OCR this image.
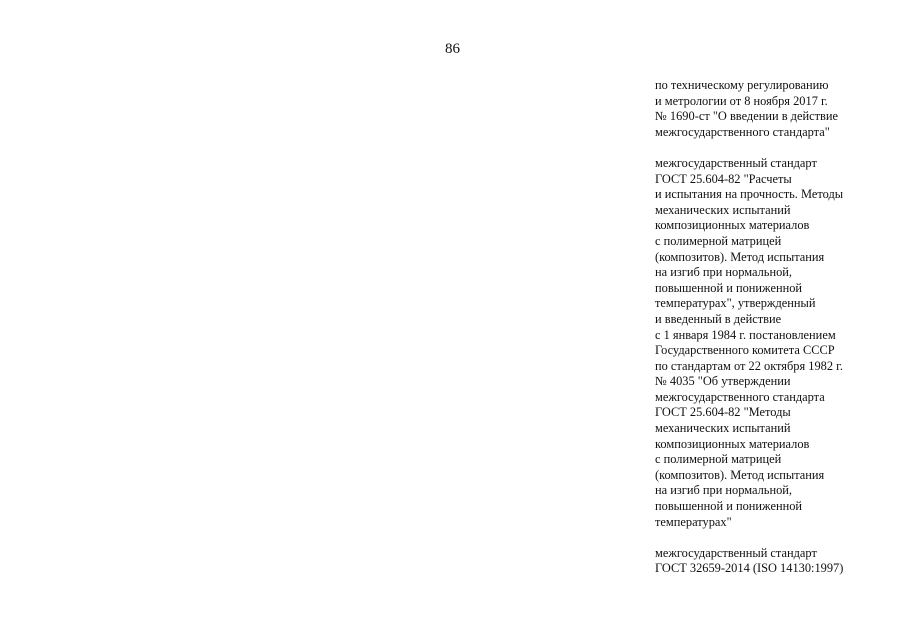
86

по техническому регулированию
и метрологии от 8 ноября 2017 г.
№ 1690-ст "О введении в действие
межгосударственного стандарта"

межгосударственный стандарт
ГОСТ 25.604-82 "Расчеты
и испытания на прочность. Методы
механических испытаний
композиционных материалов
с полимерной матрицей
(композитов). Метод испытания
на изгиб при нормальной,
повышенной и пониженной
температурах", утвержденный
и введенный в действие
с 1 января 1984 г. постановлением
Государственного комитета СССР
по стандартам от 22 октября 1982 г.
№ 4035 "Об утверждении
межгосударственного стандарта
ГОСТ 25.604-82 "Методы
механических испытаний
композиционных материалов
с полимерной матрицей
(композитов). Метод испытания
на изгиб при нормальной,
повышенной и пониженной
температурах"

межгосударственный стандарт
ГОСТ 32659-2014 (ISO 14130:1997)
